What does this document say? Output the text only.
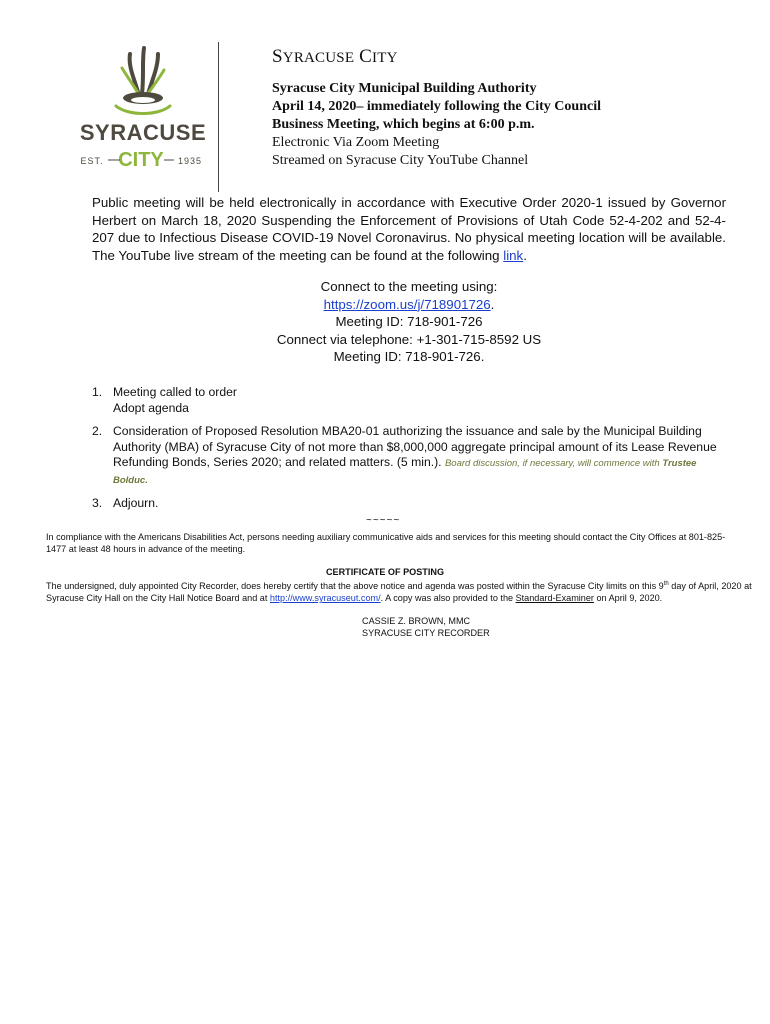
SYRACUSE
EST. CITY 1935
SYRACUSE CITY
Syracuse City Municipal Building Authority
April 14, 2020– immediately following the City Council
Business Meeting, which begins at 6:00 p.m.
Electronic Via Zoom Meeting
Streamed on Syracuse City YouTube Channel
Public meeting will be held electronically in accordance with Executive Order 2020-1 issued by Governor Herbert on March 18, 2020 Suspending the Enforcement of Provisions of Utah Code 52-4-202 and 52-4-207 due to Infectious Disease COVID-19 Novel Coronavirus. No physical meeting location will be available. The YouTube live stream of the meeting can be found at the following link.
Connect to the meeting using:
https://zoom.us/j/718901726.
Meeting ID: 718-901-726
Connect via telephone: +1-301-715-8592 US
Meeting ID: 718-901-726.
1. Meeting called to order
Adopt agenda
2. Consideration of Proposed Resolution MBA20-01 authorizing the issuance and sale by the Municipal Building Authority (MBA) of Syracuse City of not more than $8,000,000 aggregate principal amount of its Lease Revenue Refunding Bonds, Series 2020; and related matters. (5 min.). Board discussion, if necessary, will commence with Trustee Bolduc.
3. Adjourn.
~~~~~
In compliance with the Americans Disabilities Act, persons needing auxiliary communicative aids and services for this meeting should contact the City Offices at 801-825-1477 at least 48 hours in advance of the meeting.
CERTIFICATE OF POSTING
The undersigned, duly appointed City Recorder, does hereby certify that the above notice and agenda was posted within the Syracuse City limits on this 9th day of April, 2020 at Syracuse City Hall on the City Hall Notice Board and at http://www.syracuseut.com/. A copy was also provided to the Standard-Examiner on April 9, 2020.
CASSIE Z. BROWN, MMC
SYRACUSE CITY RECORDER
